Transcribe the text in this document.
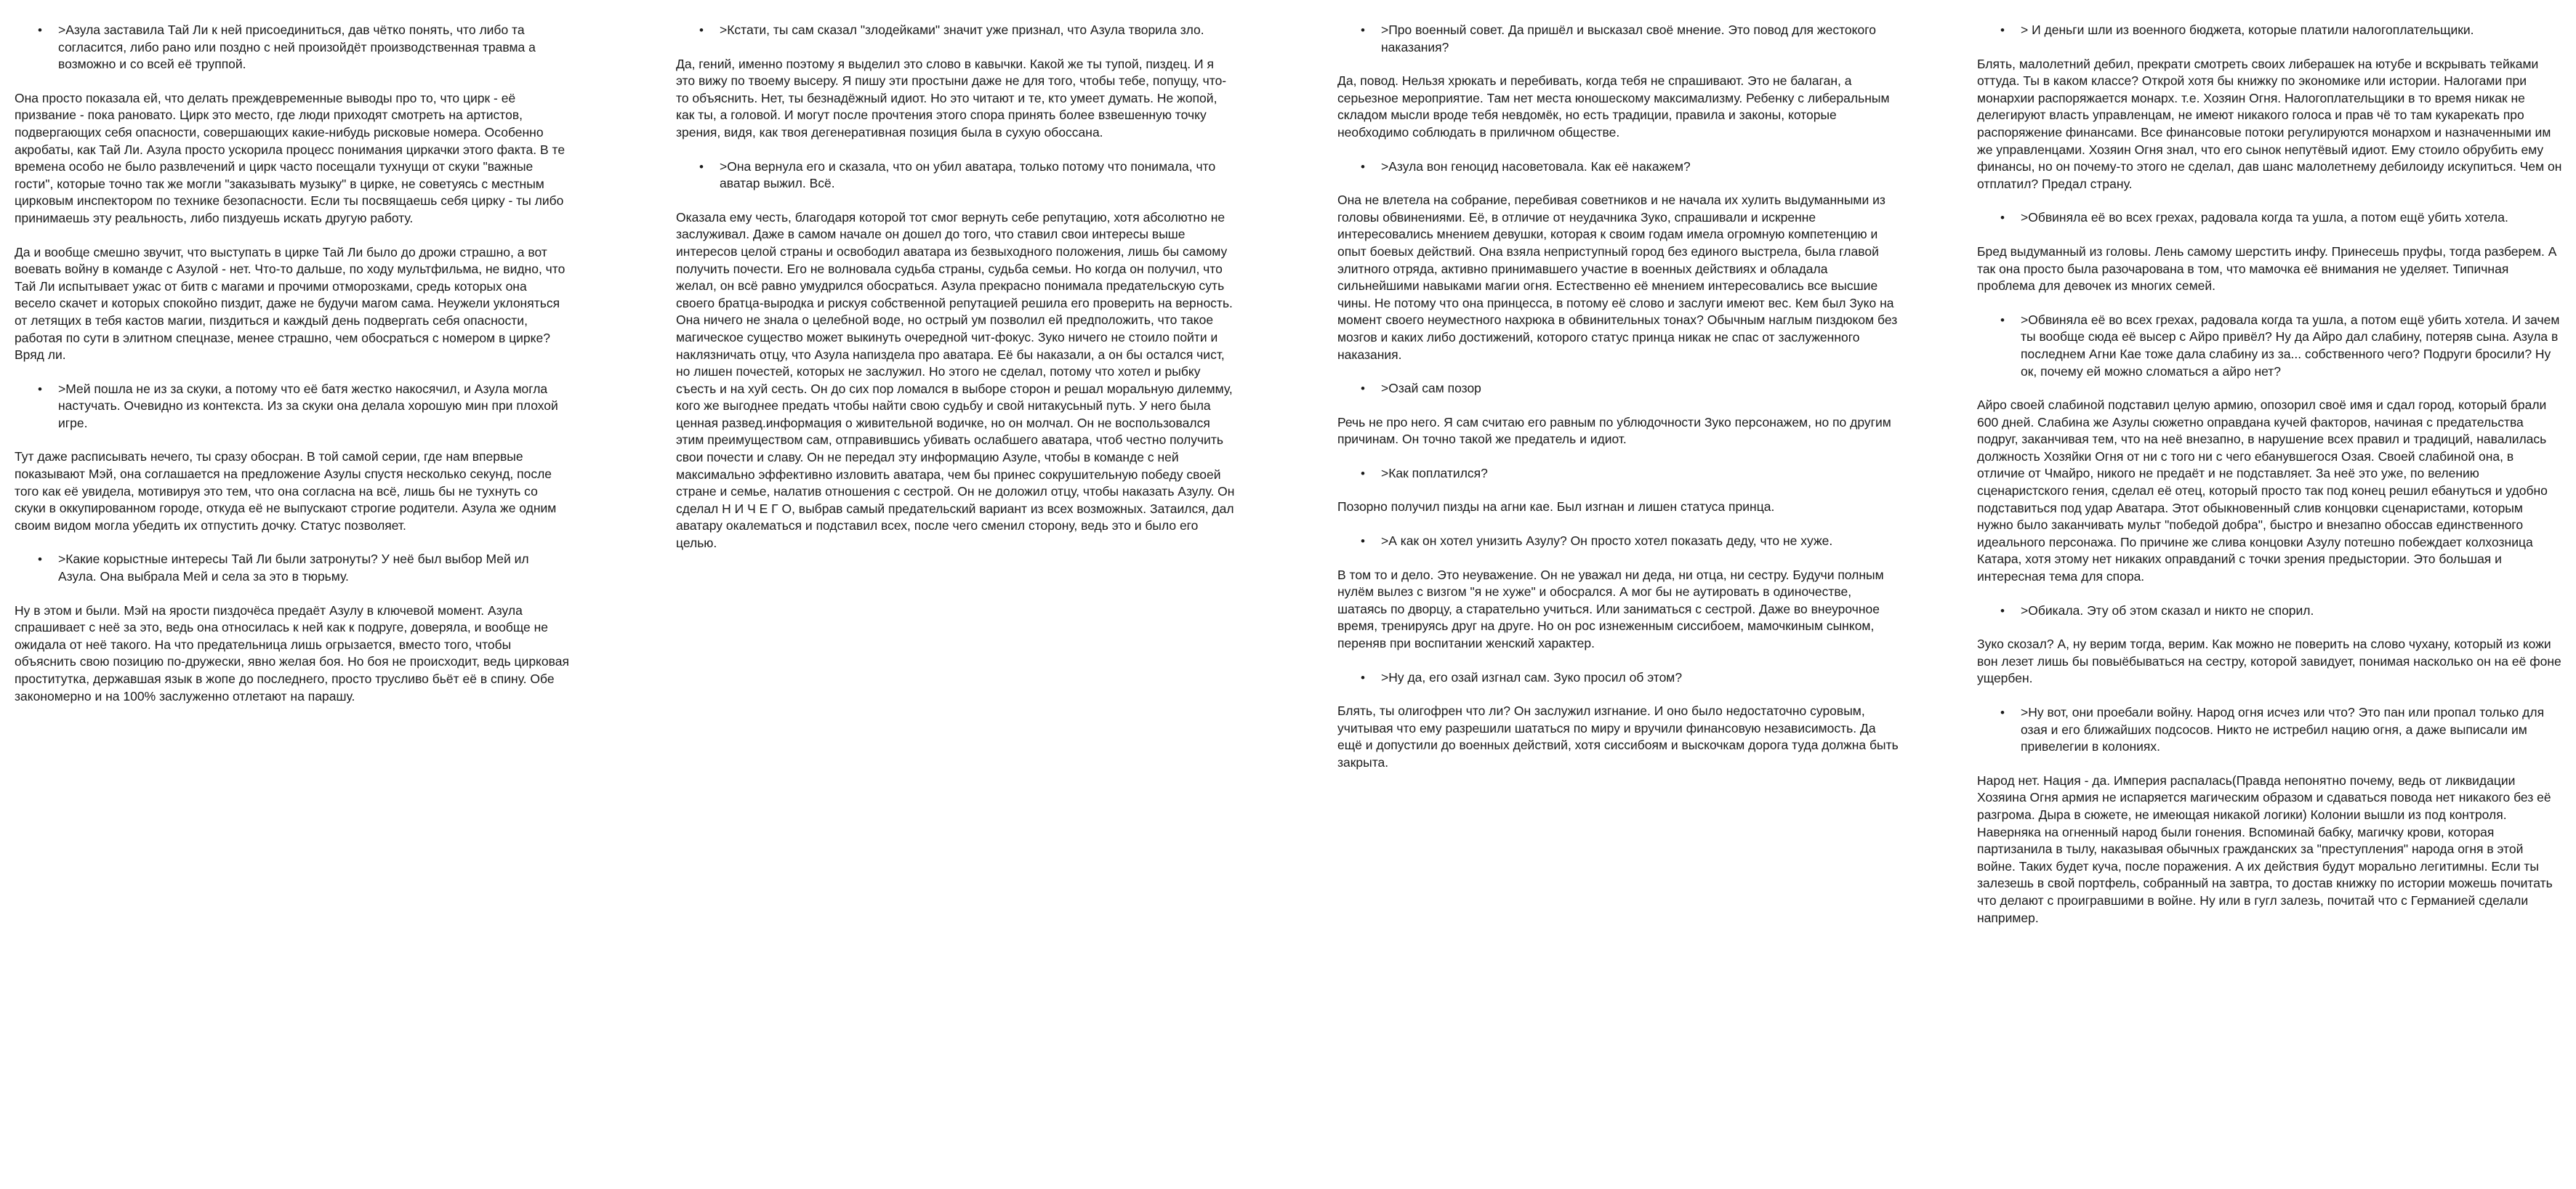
• >Азула заставила Тай Ли к ней присоединиться, дав чётко понять, что либо та согласится, либо рано или поздно с ней произойдёт производственная травма а возможно и со всей её труппой.

Она просто показала ей, что делать преждевременные выводы про то, что цирк - её призвание - пока рановато. Цирк это место, где люди приходят смотреть на артистов, подвергающих себя опасности, совершающих какие-нибудь рисковые номера. Особенно акробаты, как Тай Ли. Азула просто ускорила процесс понимания циркачки этого факта. В те времена особо не было развлечений и цирк часто посещали тухнущи от скуки "важные гости", которые точно так же могли "заказывать музыку" в цирке, не советуясь с местным цирковым инспектором по технике безопасности. Если ты посвящаешь себя цирку - ты либо принимаешь эту реальность, либо пиздуешь искать другую работу.

Да и вообще смешно звучит, что выступать в цирке Тай Ли было до дрожи страшно, а вот воевать войну в команде с Азулой - нет. Что-то дальше, по ходу мультфильма, не видно, что Тай Ли испытывает ужас от битв с магами и прочими отморозками, средь которых она весело скачет и которых спокойно пиздит, даже не будучи магом сама. Неужели уклоняться от летящих в тебя кастов магии, пиздиться и каждый день подвергать себя опасности, работая по сути в элитном спецназе, менее страшно, чем обосраться с номером в цирке? Вряд ли.

• >Мей пошла не из за скуки, а потому что её батя жестко накосячил, и Азула могла настучать. Очевидно из контекста. Из за скуки она делала хорошую мин при плохой игре.

Тут даже расписывать нечего, ты сразу обосран. В той самой серии, где нам впервые показывают Мэй, она соглашается на предложение Азулы спустя несколько секунд, после того как её увидела, мотивируя это тем, что она согласна на всё, лишь бы не тухнуть со скуки в оккупированном городе, откуда её не выпускают строгие родители. Азула же одним своим видом могла убедить их отпустить дочку. Статус позволяет.

• >Какие корыстные интересы Тай Ли были затронуты? У неё был выбор Мей ил Азула. Она выбрала Мей и села за это в тюрьму.

Ну в этом и были. Мэй на ярости пиздочёса предаёт Азулу в ключевой момент. Азула спрашивает с неё за это, ведь она относилась к ней как к подруге, доверяла, и вообще не ожидала от неё такого. На что предательница лишь огрызается, вместо того, чтобы объяснить свою позицию по-дружески, явно желая боя. Но боя не происходит, ведь цирковая проститутка, державшая язык в жопе до последнего, просто трусливо бьёт её в спину. Обе закономерно и на 100% заслуженно отлетают на парашу.

• >Кстати, ты сам сказал "злодейками" значит уже признал, что Азула творила зло.

Да, гений, именно поэтому я выделил это слово в кавычки. Какой же ты тупой, пиздец. И я это вижу по твоему высеру. Я пишу эти простыни даже не для того, чтобы тебе, попущу, что-то объяснить. Нет, ты безнадёжный идиот. Но это читают и те, кто умеет думать. Не жопой, как ты, а головой. И могут после прочтения этого спора принять более взвешенную точку зрения, видя, как твоя дегенеративная позиция была в сухую обоссана.

• >Она вернула его и сказала, что он убил аватара, только потому что понимала, что аватар выжил. Всё.

Оказала ему честь, благодаря которой тот смог вернуть себе репутацию, хотя абсолютно не заслуживал. Даже в самом начале он дошел до того, что ставил свои интересы выше интересов целой страны и освободил аватара из безвыходного положения, лишь бы самому получить почести. Его не волновала судьба страны, судьба семьи. Но когда он получил, что желал, он всё равно умудрился обосраться. Азула прекрасно понимала предательскую суть своего братца-выродка и рискуя собственной репутацией решила его проверить на верность. Она ничего не знала о целебной воде, но острый ум позволил ей предположить, что такое магическое существо может выкинуть очередной чит-фокус. Зуко ничего не стоило пойти и наклязничать отцу, что Азула напиздела про аватара. Её бы наказали, а он бы остался чист, но лишен почестей, которых не заслужил. Но этого не сделал, потому что хотел и рыбку съесть и на хуй сесть. Он до сих пор ломался в выборе сторон и решал моральную дилемму, кого же выгоднее предать чтобы найти свою судьбу и свой нитакусьный путь. У него была ценная развед.информация о живительной водичке, но он молчал. Он не воспользовался этим преимуществом сам, отправившись убивать ослабшего аватара, чтоб честно получить свои почести и славу. Он не передал эту информацию Азуле, чтобы в команде с ней максимально эффективно изловить аватара, чем бы принес сокрушительную победу своей стране и семье, налатив отношения с сестрой. Он не доложил отцу, чтобы наказать Азулу. Он сделал Н И Ч Е Г О, выбрав самый предательский вариант из всех возможных. Затаился, дал аватару окалематься и подставил всех, после чего сменил сторону, ведь это и было его целью.

• >Про военный совет. Да пришёл и высказал своё мнение. Это повод для жестокого наказания?

Да, повод. Нельзя хрюкать и перебивать, когда тебя не спрашивают. Это не балаган, а серьезное мероприятие. Там нет места юношескому максимализму. Ребенку с либеральным складом мысли вроде тебя невдомёк, но есть традиции, правила и законы, которые необходимо соблюдать в приличном обществе.

• >Азула вон геноцид насоветовала. Как её накажем?

Она не влетела на собрание, перебивая советников и не начала их хулить выдуманными из головы обвинениями. Её, в отличие от неудачника Зуко, спрашивали и искренне интересовались мнением девушки, которая к своим годам имела огромную компетенцию и опыт боевых действий. Она взяла неприступный город без единого выстрела, была главой элитного отряда, активно принимавшего участие в военных действиях и обладала сильнейшими навыками магии огня. Естественно её мнением интересовались все высшие чины. Не потому что она принцесса, в потому её слово и заслуги имеют вес. Кем был Зуко на момент своего неуместного нахрюка в обвинительных тонах? Обычным наглым пиздюком без мозгов и каких либо достижений, которого статус принца никак не спас от заслуженного наказания.

• >Озай сам позор

Речь не про него. Я сам считаю его равным по ублюдочности Зуко персонажем, но по другим причинам. Он точно такой же предатель и идиот.

• >Как поплатился?

Позорно получил пизды на агни кае. Был изгнан и лишен статуса принца.

• >А как он хотел унизить Азулу? Он просто хотел показать деду, что не хуже.

В том то и дело. Это неуважение. Он не уважал ни деда, ни отца, ни сестру. Будучи полным нулём вылез с визгом "я не хуже" и обосрался. А мог бы не аутировать в одиночестве, шатаясь по дворцу, а старательно учиться. Или заниматься с сестрой. Даже во внеурочное время, тренируясь друг на друге. Но он рос изнеженным сиссибоем, мамочкиным сынком, переняв при воспитании женский характер.

• >Ну да, его озай изгнал сам. Зуко просил об этом?

Блять, ты олигофрен что ли? Он заслужил изгнание. И оно было недостаточно суровым, учитывая что ему разрешили шататься по миру и вручили финансовую независимость. Да ещё и допустили до военных действий, хотя сиссибоям и выскочкам дорога туда должна быть закрыта.

• > И деньги шли из военного бюджета, которые платили налогоплательщики.

Блять, малолетний дебил, прекрати смотреть своих либерашек на ютубе и вскрывать тейками оттуда. Ты в каком классе? Открой хотя бы книжку по экономике или истории. Налогами при монархии распоряжается монарх. т.е. Хозяин Огня. Налогоплательщики в то время никак не делегируют власть управленцам, не имеют никакого голоса и прав чё то там кукарекать про распоряжение финансами. Все финансовые потоки регулируются монархом и назначенными им же управленцами. Хозяин Огня знал, что его сынок непутёвый идиот. Ему стоило обрубить ему финансы, но он почему-то этого не сделал, дав шанс малолетнему дебилоиду искупиться. Чем он отплатил? Предал страну.

• >Обвиняла её во всех грехах, радовала когда та ушла, а потом ещё убить хотела.

Бред выдуманный из головы. Лень самому шерстить инфу. Принесешь пруфы, тогда разберем. А так она просто была разочарована в том, что мамочка её внимания не уделяет. Типичная проблема для девочек из многих семей.

• >Обвиняла её во всех грехах, радовала когда та ушла, а потом ещё убить хотела. И зачем ты вообще сюда её высер с Айро привёл? Ну да Айро дал слабину, потеряв сына. Азула в последнем Агни Кае тоже дала слабину из за... собственного чего? Подруги бросили? Ну ок, почему ей можно сломаться а айро нет?

Айро своей слабиной подставил целую армию, опозорил своё имя и сдал город, который брали 600 дней. Слабина же Азулы сюжетно оправдана кучей факторов, начиная с предательства подруг, заканчивая тем, что на неё внезапно, в нарушение всех правил и традиций, навалилась должность Хозяйки Огня от ни с того ни с чего ебанувшегося Озая. Своей слабиной она, в отличие от Чмайро, никого не предаёт и не подставляет. За неё это уже, по велению сценаристского гения, сделал её отец, который просто так под конец решил ебануться и удобно подставиться под удар Аватара. Этот обыкновенный слив концовки сценаристами, которым нужно было заканчивать мульт "победой добра", быстро и внезапно обоссав единственного идеального персонажа. По причине же слива концовки Азулу потешно побеждает колхозница Катара, хотя этому нет никаких оправданий с точки зрения предыстории. Это большая и интересная тема для спора.

• >Обикала. Эту об этом сказал и никто не спорил.

Зуко скозал? А, ну верим тогда, верим. Как можно не поверить на слово чухану, который из кожи вон лезет лишь бы повыёбываться на сестру, которой завидует, понимая насколько он на её фоне ущербен.

• >Ну вот, они проебали войну. Народ огня исчез или что? Это пан или пропал только для озая и его ближайших подсосов. Никто не истребил нацию огня, а даже выписали им привелегии в колониях.

Народ нет. Нация - да. Империя распалась(Правда непонятно почему, ведь от ликвидации Хозяина Огня армия не испаряется магическим образом и сдаваться повода нет никакого без её разгрома. Дыра в сюжете, не имеющая никакой логики) Колонии вышли из под контроля. Наверняка на огненный народ были гонения. Вспоминай бабку, магичку крови, которая партизанила в тылу, наказывая обычных гражданских за "преступления" народа огня в этой войне. Таких будет куча, после поражения. А их действия будут морально легитимны. Если ты залезешь в свой портфель, собранный на завтра, то достав книжку по истории можешь почитать что делают с проигравшими в войне. Ну или в гугл залезь, почитай что с Германией сделали например.
